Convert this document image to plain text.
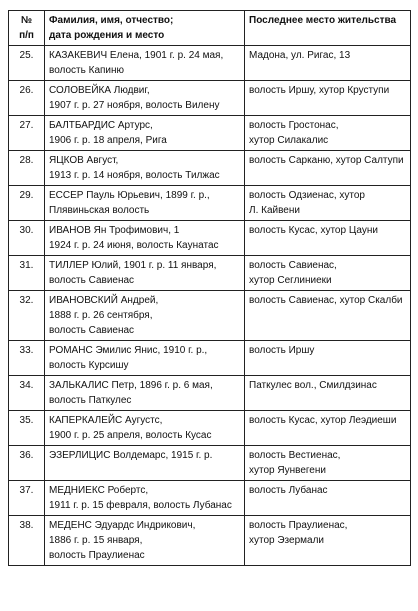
№
п/п	Фамилия, имя, отчество;
дата рождения и место	Последнее место жительства

25.	КАЗАКЕВИЧ Елена, 1901 г. р. 24 мая,
волость Капиню	Мадона, ул. Ригас, 13

26.	СОЛОВЕЙКА Людвиг,
1907 г. р. 27 ноября, волость Вилену	волость Иршу, хутор Круступи

27.	БАЛТБАРДИС Артурс,
1906 г. р. 18 апреля, Рига	волость Гростонас,
хутор Силакалис

28.	ЯЦКОВ Август,
1913 г. р. 14 ноября, волость Тилжас	волость Сарканю, хутор Салтупи

29.	ЕССЕР Пауль Юрьевич, 1899 г. р.,
Плявиньская волость	волость Одзиенас, хутор
Л. Кайвени

30.	ИВАНОВ Ян Трофимович, 1
1924 г. р. 24 июня, волость Кaунатас	волость Кусас, хутор Цауни

31.	ТИЛЛЕР Юлий, 1901 г. р. 11 января,
волость Савиенас	волость Савиенас,
хутор Сеглиниеки

32.	ИВАНОВСКИЙ Андрей,
1888 г. р. 26 сентября,
волость Савиенас	волость Савиенас, хутор Скалби

33.	РОМАНС Эмилис Янис, 1910 г. р.,
волость Курсишу	волость Иршу

34.	ЗАЛЬКАЛИС Петр, 1896 г. р. 6 мая,
волость Паткулес	Паткулес вол., Смилдзинас

35.	КАПЕРКАЛЕЙС Аугустс,
1900 г. р. 25 апреля, волость Кусас	волость Кусас, хутор Леэдиеши

36.	ЭЗЕРЛИЦИС Волдемарс, 1915 г. р.	волость Вестиенас,
хутор Яунвегени

37.	МЕДНИЕКС Робертс,
1911 г. р. 15 февраля, волость Лубанас	волость Лубанас

38.	МЕДЕНС Эдуардс Индрикович,
1886 г. р. 15 января,
волость Праулиенас	волость Праулиенас,
хутор Эзермали
